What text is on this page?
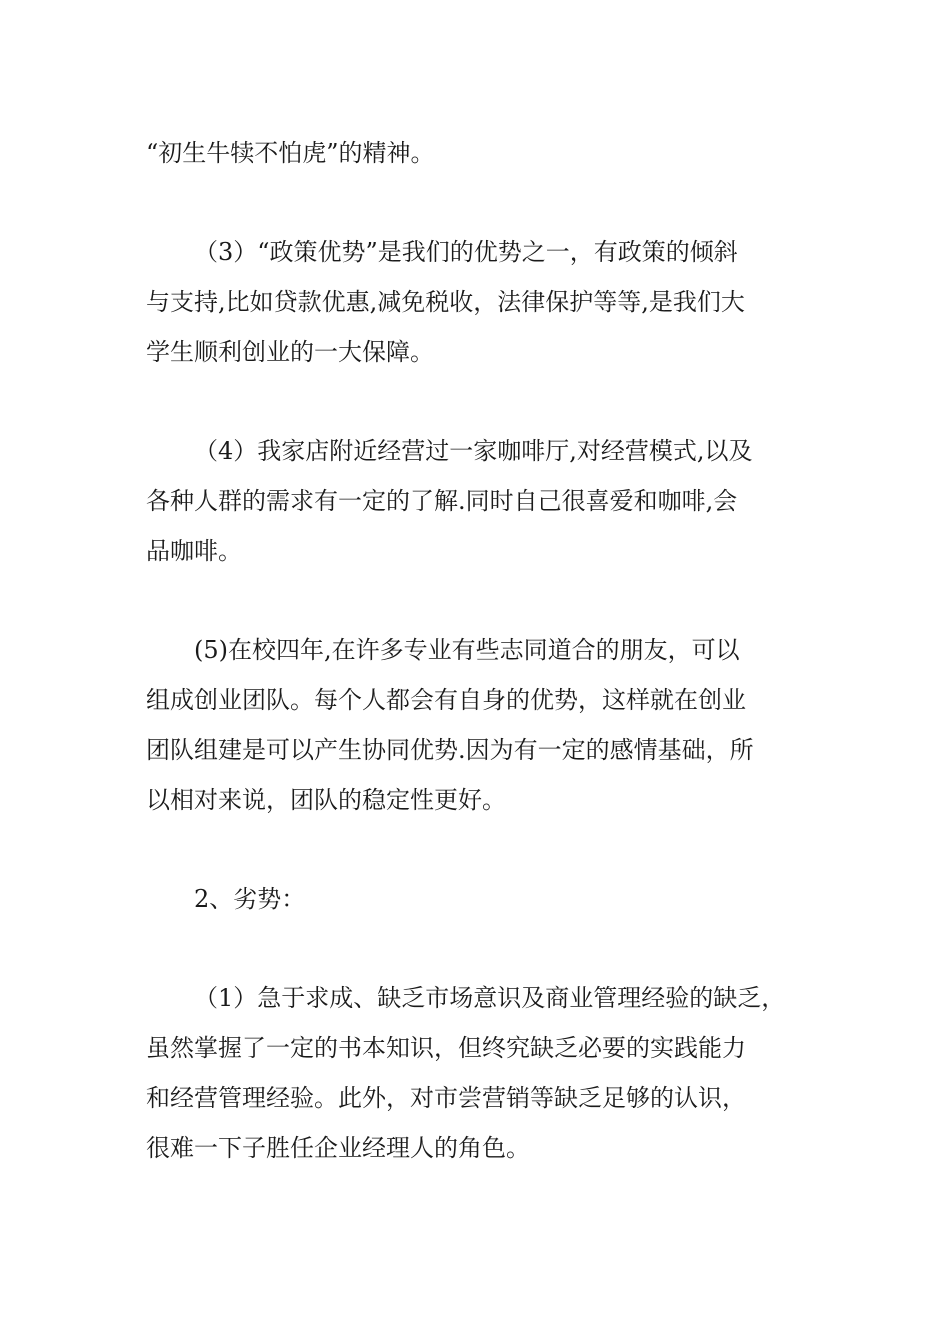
“初生牛犊不怕虎”的精神。

（3）“政策优势”是我们的优势之一，有政策的倾斜
与支持,比如贷款优惠,减免税收，法律保护等等,是我们大
学生顺利创业的一大保障。

（4）我家店附近经营过一家咖啡厅,对经营模式,以及
各种人群的需求有一定的了解.同时自己很喜爱和咖啡,会
品咖啡。

(5)在校四年,在许多专业有些志同道合的朋友，可以
组成创业团队。每个人都会有自身的优势，这样就在创业
团队组建是可以产生协同优势.因为有一定的感情基础，所
以相对来说，团队的稳定性更好。

2、劣势：

（1）急于求成、缺乏市场意识及商业管理经验的缺乏，
虽然掌握了一定的书本知识，但终究缺乏必要的实践能力
和经营管理经验。此外，对市尝营销等缺乏足够的认识，
很难一下子胜任企业经理人的角色。
